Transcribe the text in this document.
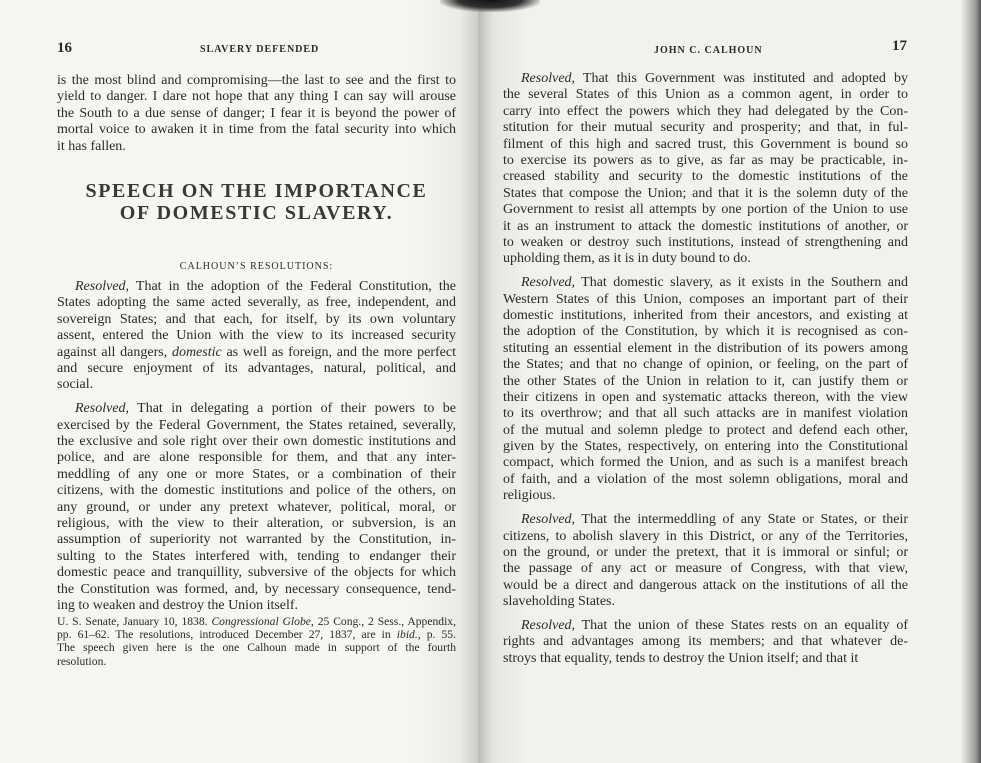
16	SLAVERY DEFENDED
is the most blind and compromising—the last to see and the first to
yield to danger. I dare not hope that any thing I can say will arouse
the South to a due sense of danger; I fear it is beyond the power of
mortal voice to awaken it in time from the fatal security into which
it has fallen.
SPEECH ON THE IMPORTANCE
OF DOMESTIC SLAVERY.
CALHOUN’S RESOLUTIONS:
Resolved, That in the adoption of the Federal Constitution, the
States adopting the same acted severally, as free, independent, and
sovereign States; and that each, for itself, by its own voluntary
assent, entered the Union with the view to its increased security
against all dangers, domestic as well as foreign, and the more perfect
and secure enjoyment of its advantages, natural, political, and
social.
Resolved, That in delegating a portion of their powers to be
exercised by the Federal Government, the States retained, severally,
the exclusive and sole right over their own domestic institutions and
police, and are alone responsible for them, and that any inter-
meddling of any one or more States, or a combination of their
citizens, with the domestic institutions and police of the others, on
any ground, or under any pretext whatever, political, moral, or
religious, with the view to their alteration, or subversion, is an
assumption of superiority not warranted by the Constitution, in-
sulting to the States interfered with, tending to endanger their
domestic peace and tranquillity, subversive of the objects for which
the Constitution was formed, and, by necessary consequence, tend-
ing to weaken and destroy the Union itself.
U. S. Senate, January 10, 1838. Congressional Globe, 25 Cong., 2 Sess., Appendix,
pp. 61–62. The resolutions, introduced December 27, 1837, are in ibid., p. 55.
The speech given here is the one Calhoun made in support of the fourth
resolution.
JOHN C. CALHOUN	17
Resolved, That this Government was instituted and adopted by
the several States of this Union as a common agent, in order to
carry into effect the powers which they had delegated by the Con-
stitution for their mutual security and prosperity; and that, in ful-
filment of this high and sacred trust, this Government is bound so
to exercise its powers as to give, as far as may be practicable, in-
creased stability and security to the domestic institutions of the
States that compose the Union; and that it is the solemn duty of the
Government to resist all attempts by one portion of the Union to use
it as an instrument to attack the domestic institutions of another, or
to weaken or destroy such institutions, instead of strengthening and
upholding them, as it is in duty bound to do.
Resolved, That domestic slavery, as it exists in the Southern and
Western States of this Union, composes an important part of their
domestic institutions, inherited from their ancestors, and existing at
the adoption of the Constitution, by which it is recognised as con-
stituting an essential element in the distribution of its powers among
the States; and that no change of opinion, or feeling, on the part of
the other States of the Union in relation to it, can justify them or
their citizens in open and systematic attacks thereon, with the view
to its overthrow; and that all such attacks are in manifest violation
of the mutual and solemn pledge to protect and defend each other,
given by the States, respectively, on entering into the Constitutional
compact, which formed the Union, and as such is a manifest breach
of faith, and a violation of the most solemn obligations, moral and
religious.
Resolved, That the intermeddling of any State or States, or their
citizens, to abolish slavery in this District, or any of the Territories,
on the ground, or under the pretext, that it is immoral or sinful; or
the passage of any act or measure of Congress, with that view,
would be a direct and dangerous attack on the institutions of all the
slaveholding States.
Resolved, That the union of these States rests on an equality of
rights and advantages among its members; and that whatever de-
stroys that equality, tends to destroy the Union itself; and that it
